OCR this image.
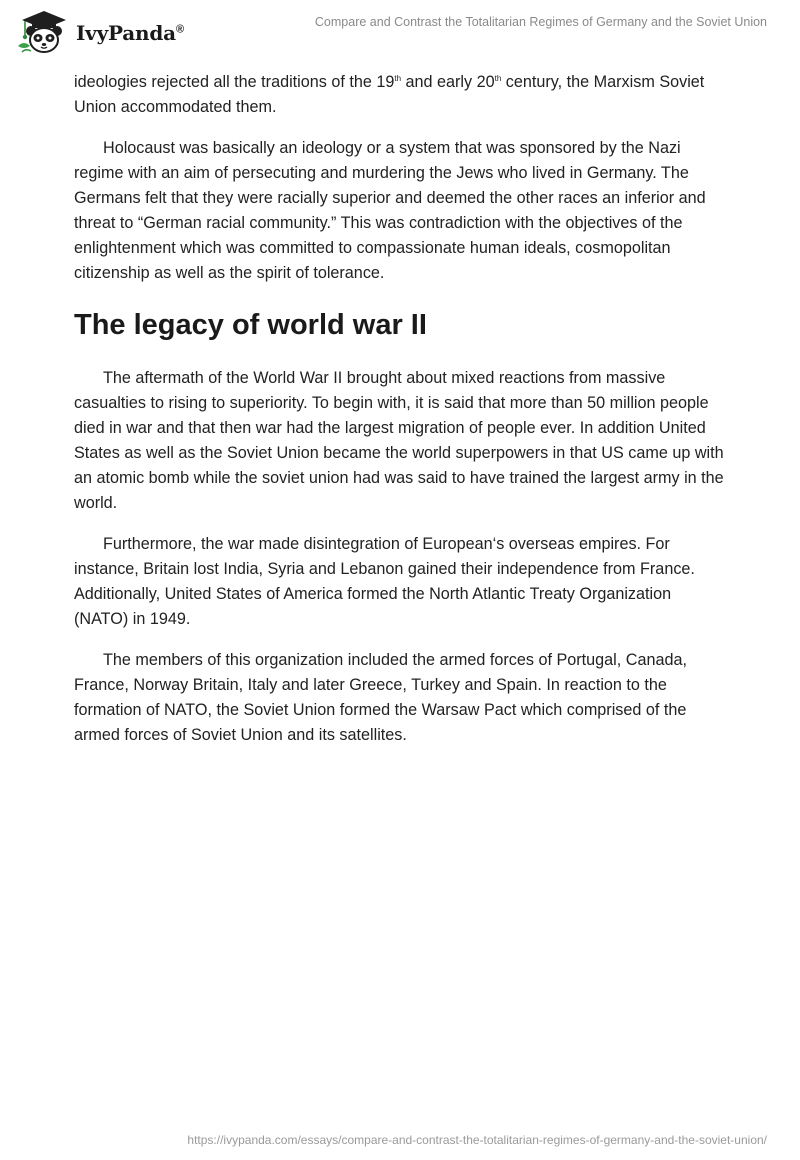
IvyPanda®
Compare and Contrast the Totalitarian Regimes of Germany and the Soviet Union

ideologies rejected all the traditions of the 19th and early 20th century, the Marxism Soviet Union accommodated them.

Holocaust was basically an ideology or a system that was sponsored by the Nazi regime with an aim of persecuting and murdering the Jews who lived in Germany. The Germans felt that they were racially superior and deemed the other races an inferior and threat to “German racial community.” This was contradiction with the objectives of the enlightenment which was committed to compassionate human ideals, cosmopolitan citizenship as well as the spirit of tolerance.

The legacy of world war II

The aftermath of the World War II brought about mixed reactions from massive casualties to rising to superiority. To begin with, it is said that more than 50 million people died in war and that then war had the largest migration of people ever. In addition United States as well as the Soviet Union became the world superpowers in that US came up with an atomic bomb while the soviet union had was said to have trained the largest army in the world.

Furthermore, the war made disintegration of European‘s overseas empires. For instance, Britain lost India, Syria and Lebanon gained their independence from France. Additionally, United States of America formed the North Atlantic Treaty Organization (NATO) in 1949.

The members of this organization included the armed forces of Portugal, Canada, France, Norway Britain, Italy and later Greece, Turkey and Spain. In reaction to the formation of NATO, the Soviet Union formed the Warsaw Pact which comprised of the armed forces of Soviet Union and its satellites.

https://ivypanda.com/essays/compare-and-contrast-the-totalitarian-regimes-of-germany-and-the-soviet-union/
